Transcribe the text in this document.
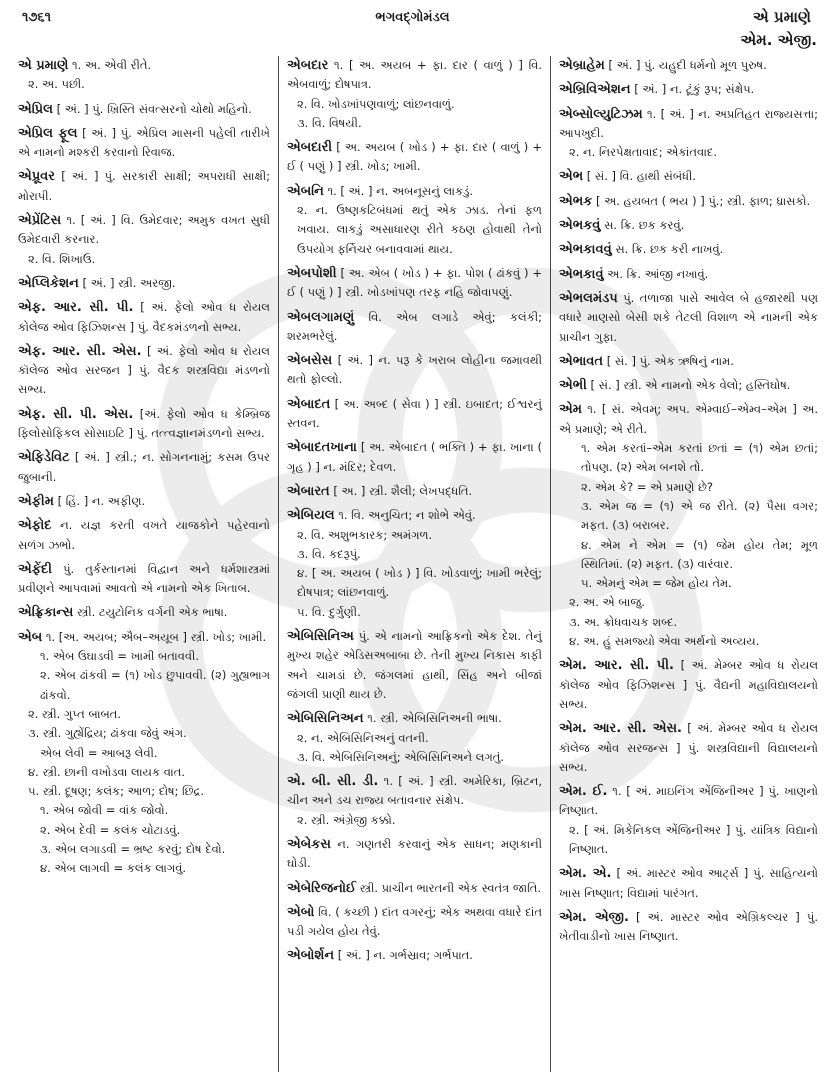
૧૭૬૧	ભગવદ્ગોમંડલ	એ પ્રમાણે
એમ. એજી.
એ પ્રમાણે ૧. અ. એવી રીતે.
૨. અ. પછી.
એપ્રિલ [ અં. ] પું. ખ્રિસ્તિ સંવત્સરનો ચોથો મહિનો.
એપ્રિલ ફૂલ [ અં. ] પું. એપ્રિલ માસની પહેલી તારીખે એ નામનો મશ્કરી કરવાનો રિવાજ.
એપ્રૂવર [ અં. ] પું. સરકારી સાક્ષી; અપરાધી સાક્ષી; મોરાપી.
એપ્રેંટિસ ૧. [ અં. ] વિ. ઉમેદવાર; અમુક વખત સુધી ઉમેદવારી કરનાર.
૨. વિ. શિખાઉ.
એપ્લિકેશન [ અં. ] સ્ત્રી. અરજી.
એફ. આર. સી. પી. [ અં. ફેલો ઓવ ધ રોયલ કોલેજ ઓવ ફિઝિશન્સ ] પું. વૈદકમંડળનો સભ્ય.
એફ. આર. સી. એસ. [ અં. ફેલો ઓવ ધ રોયલ કૉલેજ ઓવ સરજન ] પું. વૈદક શસ્ત્રવિદ્યા મંડળનો સભ્ય.
એફ. સી. પી. એસ. [અં. ફેલો ઓવ ધ કેમ્બ્રિજ ફિલોસોફિકલ સોસાઇટિ ] પું. તત્ત્વજ્ઞાનમંડળનો સભ્ય.
એફિડેવિટ [ અં. ] સ્ત્રી.; ન. સોગનનામું; કસમ ઉપર જુબાની.
એફીમ [ હિં. ] ન. અફીણ.
એફોદ ન. યજ્ઞ કરતી વખતે યાજકોને પહેરવાનો સળંગ ઝભો.
એફેંદી પું. તુર્કસ્તાનમાં વિદ્વાન અને ધર્મશાસ્ત્રમાં પ્રવીણને આપવામાં આવતો એ નામનો એક ખિતાબ.
એફ્રિકાન્સ સ્ત્રી. ટયુટોનિક વર્ગની એક ભાષા.
એબ ૧. [અ. અયબ; ઐબ–અયૂબ ] સ્ત્રી. ખોડ; ખામી.
૧. એબ ઉઘાડવી = ખામી બતાવવી.
૨. એબ ઢાંકવી = (૧) ખોડ છુપાવવી. (૨) ગુહ્યભાગ ઢાંકવો.
૨. સ્ત્રી. ગુપ્ત બાબત.
૩. સ્ત્રી. ગુહ્યેંદ્રિય; ઢાંકવા જેવું અંગ.
એબ લેવી = આબરૂ લેવી.
૪. સ્ત્રી. છાની વખોડવા લાયક વાત.
૫. સ્ત્રી. દૂષણ; કલંક; આળ; દોષ; છિદ્ર.
૧. એબ જોવી = વાંક જોવો.
૨. એબ દેવી = કલંક ચોટાડવું.
૩. એબ લગાડવી = ભ્રષ્ટ કરવું; દોષ દેવો.
૪. એબ લાગવી = કલંક લાગવું.
એબદાર ૧. [ અ. અયબ + ફા. દાર ( વાળું ) ] વિ. એબવાળું; દોષપાત્ર.
૨. વિ. ખોડખાંપણવાળું; લાંછનવાળું.
૩. વિ. વિષયી.
એબદારી [ અ. અયબ ( ખોડ ) + ફા. દાર ( વાળું ) + ઈ ( પણું ) ] સ્ત્રી. ખોડ; ખામી.
એબનિ ૧. [ અં. ] ન. અબનૂસનું લાકડું.
૨. ન. ઉષ્ણકટિબંધમાં થતું એક ઝાડ. તેનાં ફળ ખવાય. લાકડું અસાધારણ રીતે કઠણ હોવાથી તેનો ઉપયોગ ફર્નિચર બનાવવામાં થાય.
એબપોશી [ અ. એબ ( ખોડ ) + ફા. પોશ ( ઢાંકવું ) + ઈ ( પણું ) ] સ્ત્રી. ખોડખાંપણ તરફ નહિ જોવાપણું.
એબલગામણું વિ. એબ લગાડે એવું; કલંકી; શરમભરેલું.
એબસેસ [ અં. ] ન. પરૂ કે ખરાબ લોહીના જમાવથી થતો ફોલ્લો.
એબાદત [ અ. અબ્દ ( સેવા ) ] સ્ત્રી. ઇબાદત; ઈશ્વરનું સ્તવન.
એબાદતખાના [ અ. એબાદત ( ભક્તિ ) + ફા. ખાના ( ગૃહ ) ] ન. મંદિર; દેવળ.
એબારત [ અ. ] સ્ત્રી. શૈલી; લેખપદ્ધતિ.
એબિયલ ૧. વિ. અનુચિત; ન શોભે એવું.
૨. વિ. અશુભકારક; અમંગળ.
૩. વિ. કદરૂપું.
૪. [ અ. અયબ ( ખોડ ) ] વિ. ખોડવાળું; ખામી ભરેલું; દોષપાત્ર; લાંછનવાળું.
૫. વિ. દુર્ગુણી.
એબિસિનિઅ પું. એ નામનો આફ્રિકનો એક દેશ. તેનું મુખ્ય શહેર એડિસઅબાબા છે. તેની મુખ્ય નિકાસ કાફી અને ચામડાં છે. જંગલમાં હાથી, સિંહ અને બીજાં જંગલી પ્રાણી થાય છે.
એબિસિનિઅન ૧. સ્ત્રી. એબિસિનિઅની ભાષા.
૨. ન. એબિસિનિઅનું વતની.
૩. વિ. એબિસિનિઅનું; એબિસિનિઅને લગતું.
એ. બી. સી. ડી. ૧. [ અં. ] સ્ત્રી. અમેરિકા, બ્રિટન, ચીન અને ડચ રાજ્ય બતાવનાર સંક્ષેપ.
૨. સ્ત્રી. અંગ્રેજી કક્કો.
એબેકસ ન. ગણતરી કરવાનું એક સાધન; મણકાની ઘોડી.
એબેરિજનોઈ સ્ત્રી. પ્રાચીન ભારતની એક સ્વતંત્ર જાતિ.
એબો વિ. ( કચ્છી ) દાંત વગરનું; એક અથવા વધારે દાંત પડી ગયેલ હોય તેવું.
એબોર્શન [ અં. ] ન. ગર્ભસ્રાવ; ગર્ભપાત.
એબ્રાહેમ [ અં. ] પું. યહુદી ધર્મનો મૂળ પુરુષ.
એબ્રિવિએશન [ અં. ] ન. ટૂંકું રૂપ; સંક્ષેપ.
એબ્સોલ્યુટિઝમ ૧. [ અં. ] ન. અપ્રતિહત રાજ્યસત્તા; આપખુદી.
૨. ન. નિરપેક્ષતાવાદ; એકાંતવાદ.
એભ [ સં. ] વિ. હાથી સંબંધી.
એભક [ અ. હયબત ( ભય ) ] પું.; સ્ત્રી. ફાળ; ધ્રાસકો.
એભકવું સ. ક્રિ. છક કરવું.
એભકાવવું સ. ક્રિ. છક કરી નાખવું.
એભકાવું અ. ક્રિ. આંજી નખાવું.
એભલમંડપ પું. તળાજા પાસે આવેલ બે હજારથી પણ વધારે માણસો બેસી શકે તેટલી વિશાળ એ નામની એક પ્રાચીન ગુફા.
એભાવત [ સં. ] પું. એક ઋષિનું નામ.
એભી [ સં. ] સ્ત્રી. એ નામનો એક વેલો; હસ્તિઘોષ.
એમ ૧. [ સં. એવમ્; અપ. એમ્વાઈ–એમ્વ–એમ ] અ. એ પ્રમાણે; એ રીતે.
૧. એમ કરતાં–એમ કરતાં છતાં = (૧) એમ છતાં; તોપણ. (૨) એમ બનશે તો.
૨. એમ કે? = એ પ્રમાણે છે?
૩. એમ જ = (૧) એ જ રીતે. (૨) પૈસા વગર; મફત. (૩) બરાબર.
૪. એમ ને એમ = (૧) જેમ હોય તેમ; મૂળ સ્થિતિમાં. (૨) મફત. (૩) વારંવાર.
૫. એમનું એમ = જેમ હોય તેમ.
૨. અ. એ બાજુ.
૩. અ. ક્રોધવાચક શબ્દ.
૪. અ. હું સમજ્યો એવા અર્થનો અવ્યય.
એમ. આર. સી. પી. [ અં. મેમ્બર ઓવ ધ રોયલ કૉલેજ ઓવ ફિઝિશન્સ ] પું. વૈદ્યની મહાવિદ્યાલયનો સભ્ય.
એમ. આર. સી. એસ. [ અં. મેમ્બર ઓવ ધ રોયલ કૉલેજ ઓવ સરજન્સ ] પું. શસ્ત્રવિદ્યાની વિદ્યાલયનો સભ્ય.
એમ. ઈ. ૧. [ અં. માઇનિંગ એંજિનીઅર ] પું. ખાણનો નિષ્ણાત.
૨. [ અં. મિકેનિકલ એંજિનીઅર ] પું. યાંત્રિક વિદ્યાનો નિષ્ણાત.
એમ. એ. [ અં. માસ્ટર ઓવ આર્ટ્સ ] પું. સાહિત્યનો ખાસ નિષ્ણાત; વિદ્યામાં પારંગત.
એમ. એજી. [ અં. માસ્ટર ઓવ એગ્રિકલ્ચર ] પું. ખેતીવાડીનો ખાસ નિષ્ણાત.
